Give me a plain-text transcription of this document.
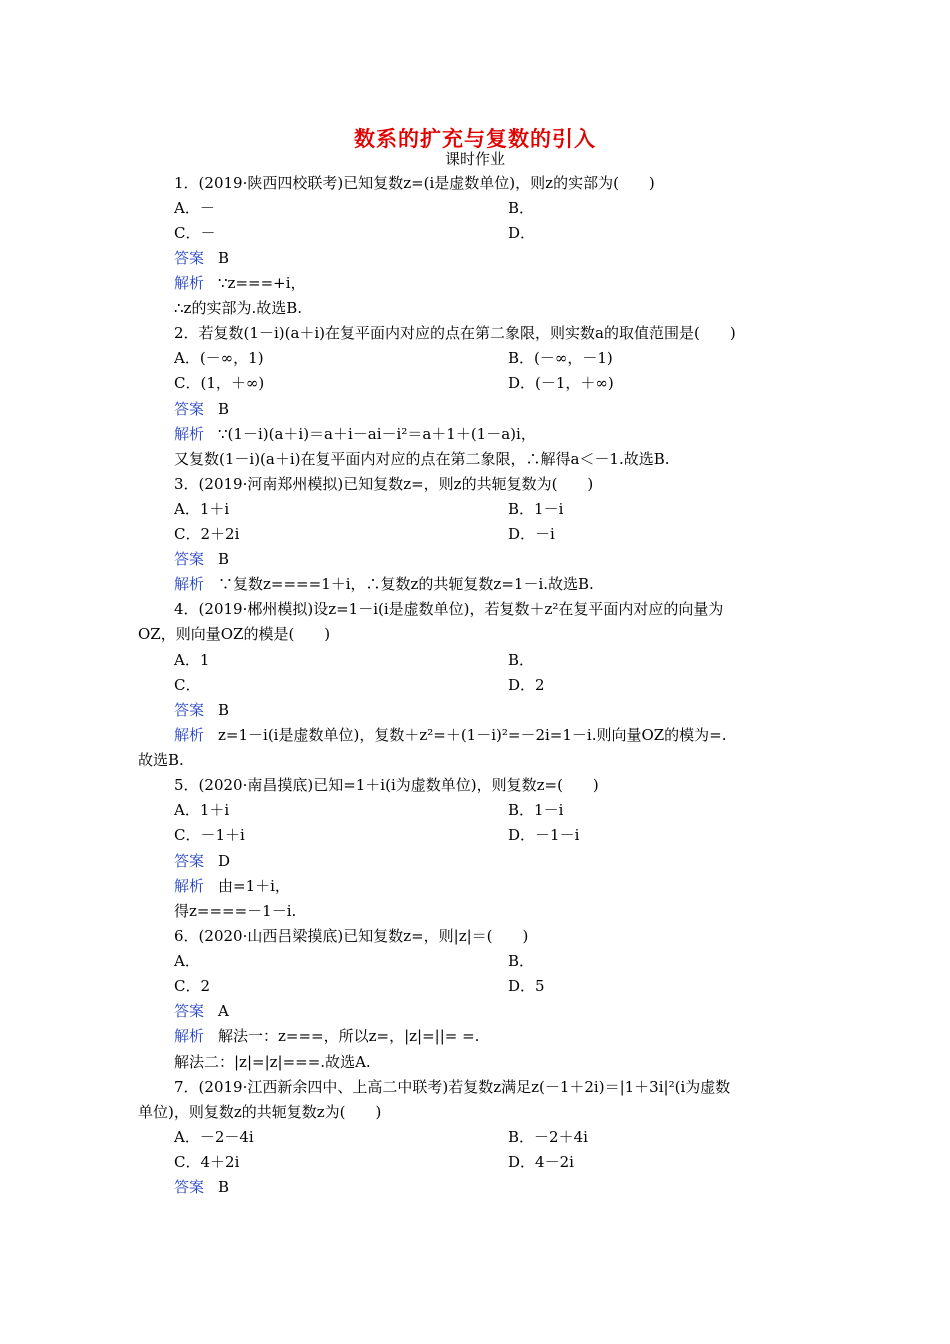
数系的扩充与复数的引入
课时作业
1．(2019·陕西四校联考)已知复数z=(i是虚数单位)，则z的实部为(　　)
A．－	B．
C．－	D．
答案 B
解析 ∵z===+i，
∴z的实部为.故选B.
2．若复数(1－i)(a＋i)在复平面内对应的点在第二象限，则实数a的取值范围是(　　)
A．(－∞，1)	B．(－∞，－1)
C．(1，＋∞)	D．(－1，＋∞)
答案 B
解析 ∵(1－i)(a＋i)＝a＋i－ai－i²＝a＋1＋(1－a)i，
又复数(1－i)(a＋i)在复平面内对应的点在第二象限，∴解得a＜－1.故选B.
3．(2019·河南郑州模拟)已知复数z=，则z的共轭复数为(　　)
A．1＋i	B．1－i
C．2＋2i	D．－i
答案 B
解析 ∵复数z====1＋i，∴复数z的共轭复数z=1－i.故选B.
4．(2019·郴州模拟)设z=1－i(i是虚数单位)，若复数＋z²在复平面内对应的向量为
OZ，则向量OZ的模是(　　)
A．1	B．
C．	D．2
答案 B
解析 z=1－i(i是虚数单位)，复数＋z²=＋(1－i)²=－2i=1－i.则向量OZ的模为=.
故选B.
5．(2020·南昌摸底)已知=1＋i(i为虚数单位)，则复数z=(　　)
A．1＋i	B．1－i
C．－1＋i	D．－1－i
答案 D
解析 由=1＋i，
得z====－1－i.
6．(2020·山西吕梁摸底)已知复数z=，则|z|＝(　　)
A．	B．
C．2	D．5
答案 A
解析 解法一：z===，所以z=，|z|=||= =.
解法二：|z|=|z|===.故选A.
7．(2019·江西新余四中、上高二中联考)若复数z满足z(－1＋2i)＝|1＋3i|²(i为虚数
单位)，则复数z的共轭复数z为(　　)
A．－2－4i	B．－2＋4i
C．4＋2i	D．4－2i
答案 B
